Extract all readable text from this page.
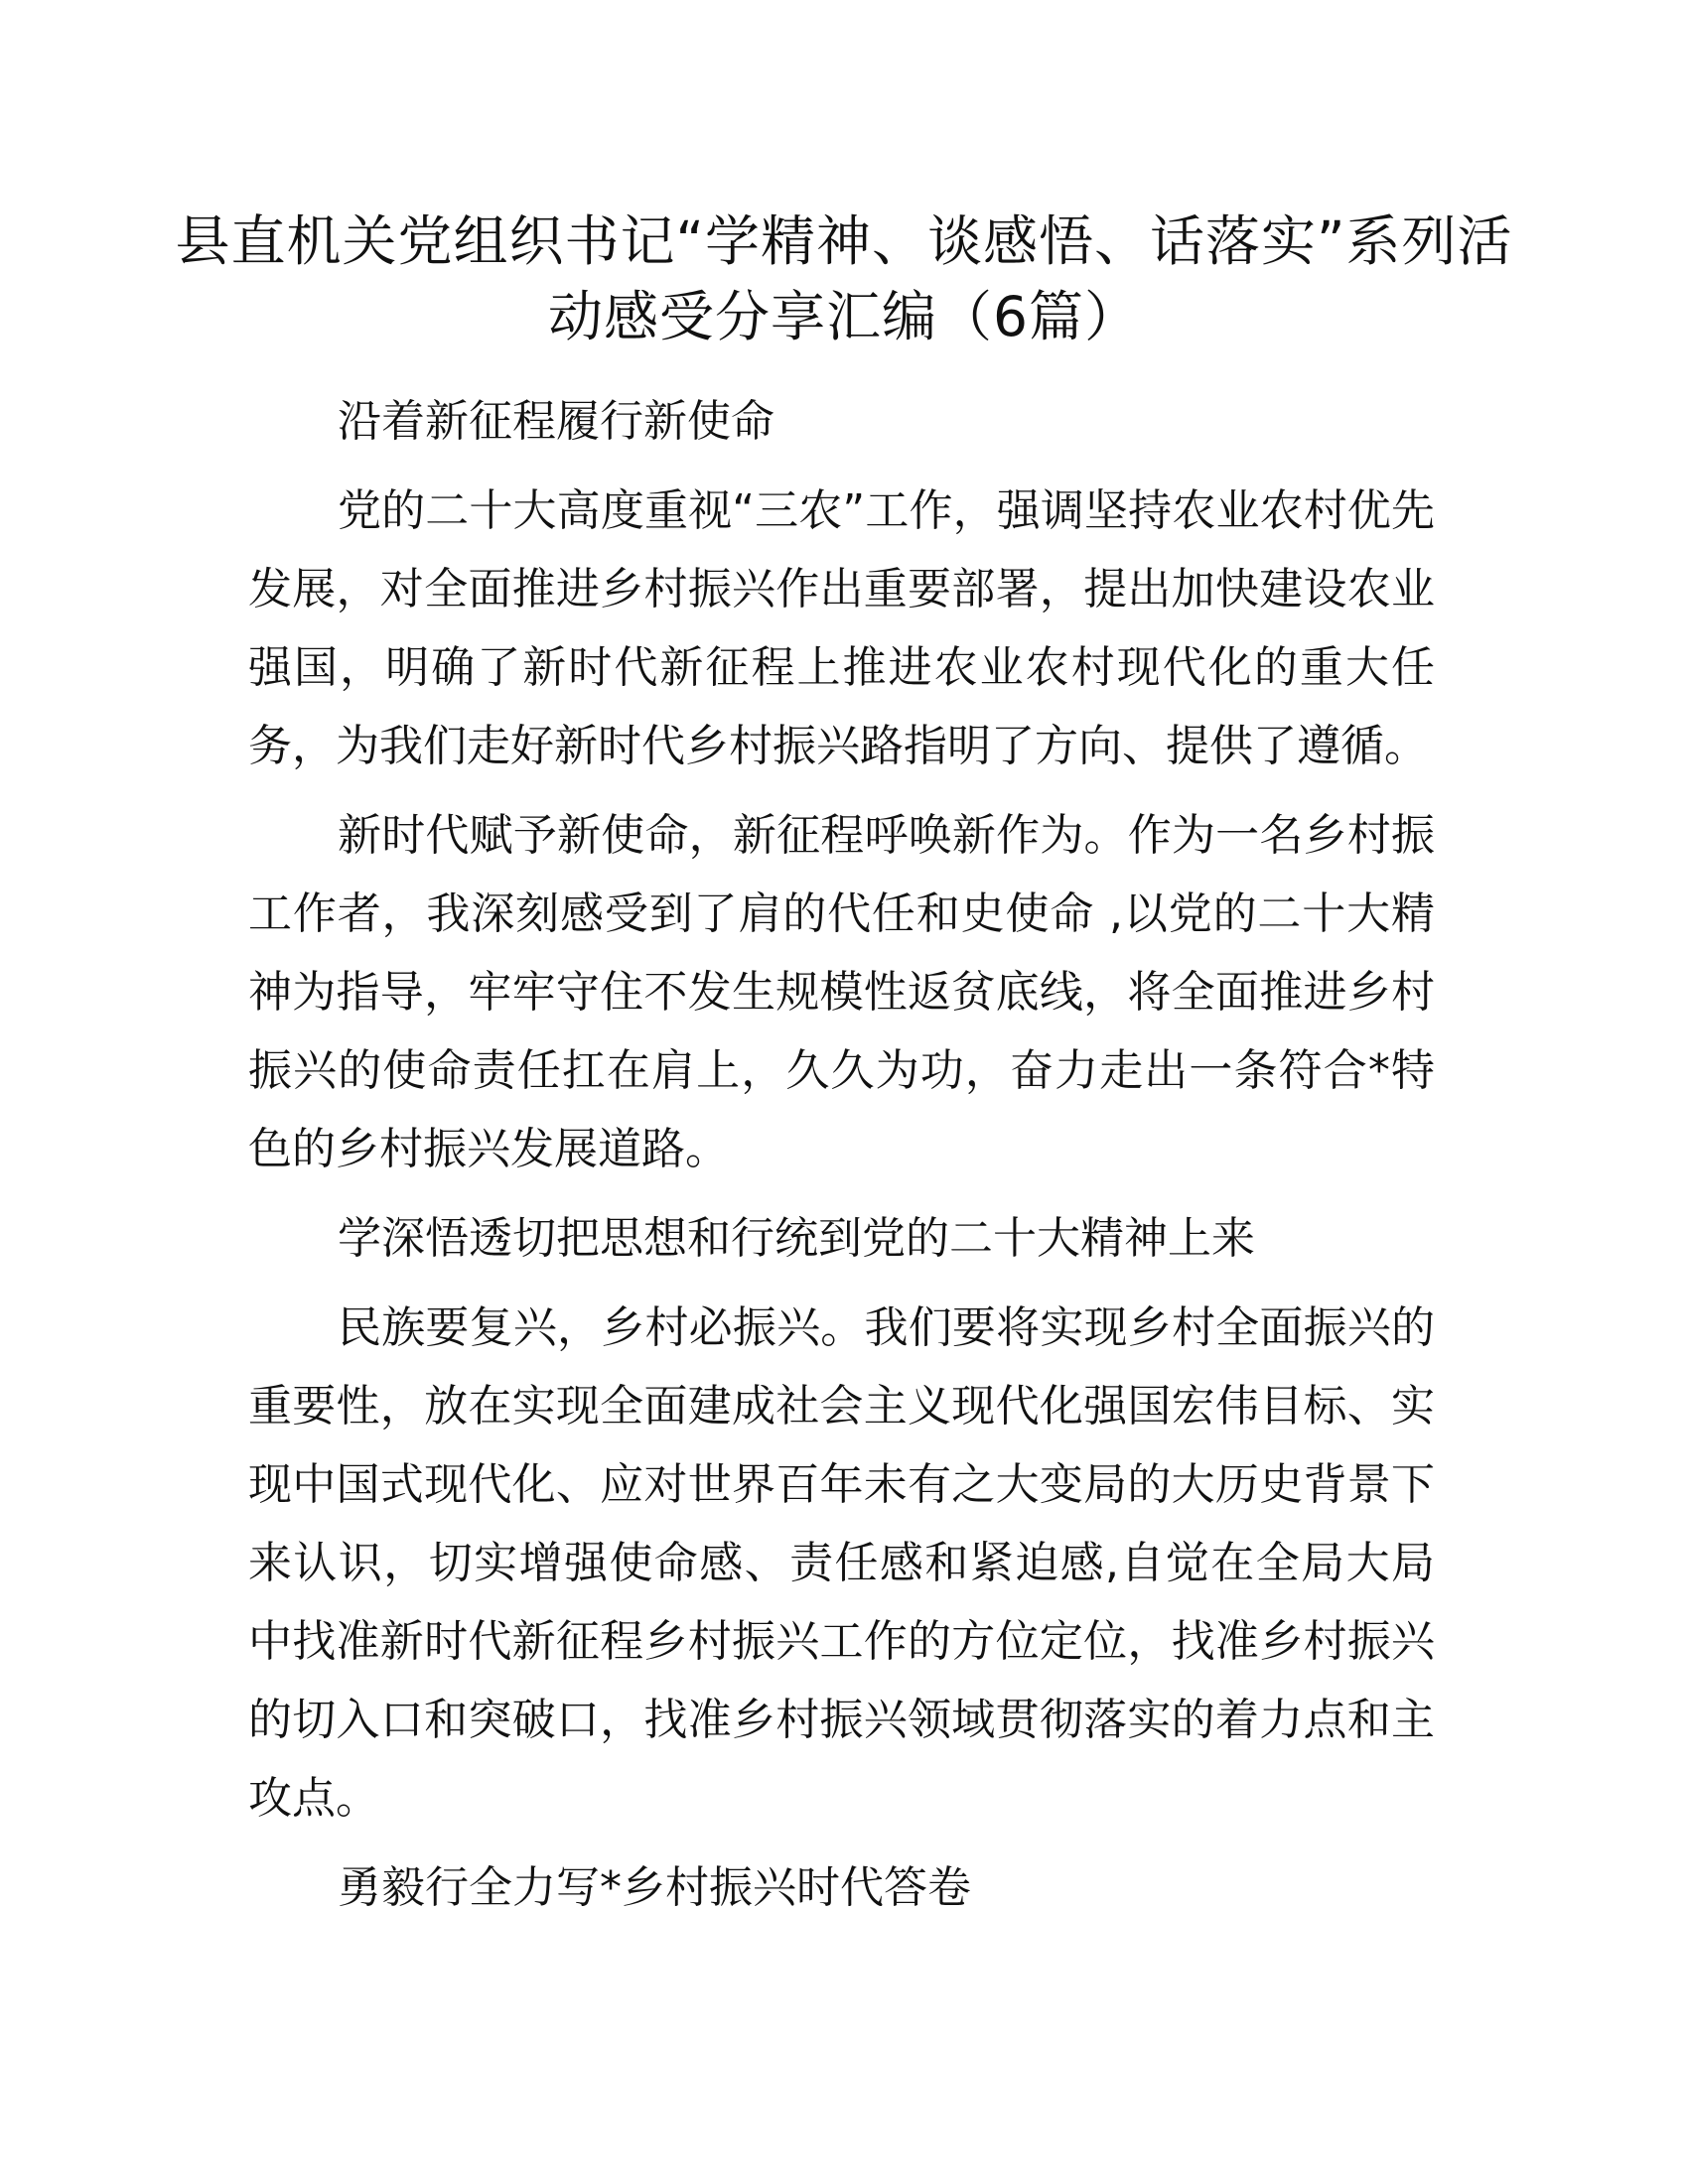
县直机关党组织书记“学精神、谈感悟、话落实”系列活动感受分享汇编（6篇）

沿着新征程履行新使命

党的二十大高度重视“三农”工作，强调坚持农业农村优先发展，对全面推进乡村振兴作出重要部署，提出加快建设农业强国，明确了新时代新征程上推进农业农村现代化的重大任务，为我们走好新时代乡村振兴路指明了方向、提供了遵循。

新时代赋予新使命，新征程呼唤新作为。作为一名乡村振工作者，我深刻感受到了肩的代任和史使命 ,以党的二十大精神为指导，牢牢守住不发生规模性返贫底线，将全面推进乡村振兴的使命责任扛在肩上，久久为功，奋力走出一条符合*特色的乡村振兴发展道路。

学深悟透切把思想和行统到党的二十大精神上来

民族要复兴，乡村必振兴。我们要将实现乡村全面振兴的重要性，放在实现全面建成社会主义现代化强国宏伟目标、实现中国式现代化、应对世界百年未有之大变局的大历史背景下来认识，切实增强使命感、责任感和紧迫感,自觉在全局大局中找准新时代新征程乡村振兴工作的方位定位，找准乡村振兴的切入口和突破口，找准乡村振兴领域贯彻落实的着力点和主攻点。

勇毅行全力写*乡村振兴时代答卷
